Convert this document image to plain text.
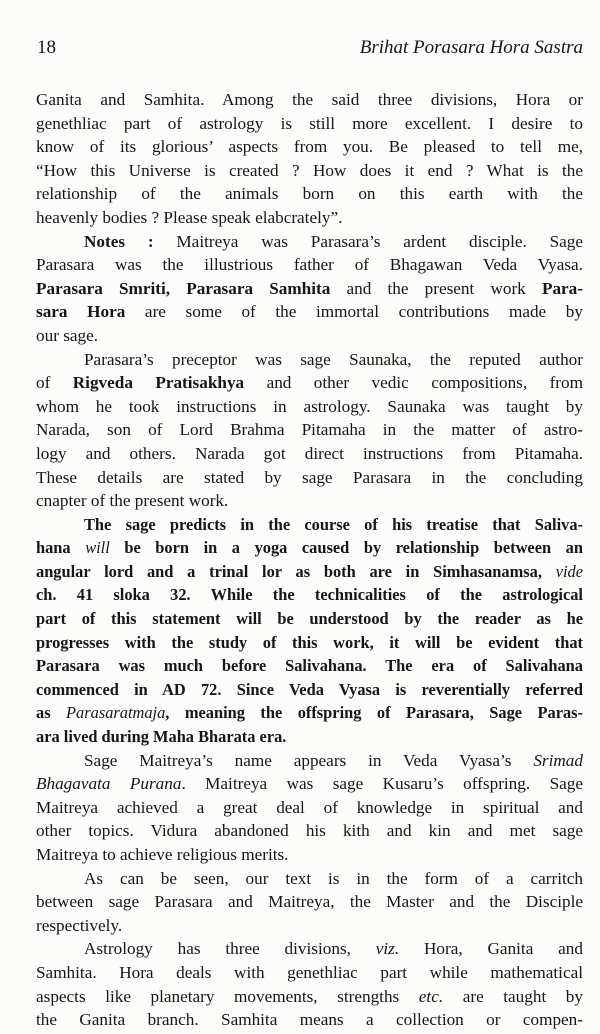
18	Brihat Porasara Hora Sastra
Ganita and Samhita. Among the said three divisions, Hora or
genethliac part of astrology is still more excellent. I desire to
know of its glorious’ aspects from you. Be pleased to tell me,
“How this Universe is created ? How does it end ? What is the
relationship of the animals born on this earth with the
heavenly bodies ? Please speak elabcrately”.
Notes : Maitreya was Parasara’s ardent disciple. Sage
Parasara was the illustrious father of Bhagawan Veda Vyasa.
Parasara Smriti, Parasara Samhita and the present work Para-
sara Hora are some of the immortal contributions made by
our sage.
Parasara’s preceptor was sage Saunaka, the reputed author
of Rigveda Pratisakhya and other vedic compositions, from
whom he took instructions in astrology. Saunaka was taught by
Narada, son of Lord Brahma Pitamaha in the matter of astro-
logy and others. Narada got direct instructions from Pitamaha.
These details are stated by sage Parasara in the concluding
cnapter of the present work.
The sage predicts in the course of his treatise that Saliva-
hana will be born in a yoga caused by relationship between an
angular lord and a trinal lor as both are in Simhasanamsa, vide
ch. 41 sloka 32. While the technicalities of the astrological
part of this statement will be understood by the reader as he
progresses with the study of this work, it will be evident that
Parasara was much before Salivahana. The era of Salivahana
commenced in AD 72. Since Veda Vyasa is reverentially referred
as Parasaratmaja, meaning the offspring of Parasara, Sage Paras-
ara lived during Maha Bharata era.
Sage Maitreya’s name appears in Veda Vyasa’s Srimad
Bhagavata Purana. Maitreya was sage Kusaru’s offspring. Sage
Maitreya achieved a great deal of knowledge in spiritual and
other topics. Vidura abandoned his kith and kin and met sage
Maitreya to achieve religious merits.
As can be seen, our text is in the form of a carritch
between sage Parasara and Maitreya, the Master and the Disciple
respectively.
Astrology has three divisions, viz. Hora, Ganita and
Samhita. Hora deals with genethliac part while mathematical
aspects like planetary movements, strengths etc. are taught by
the Ganita branch. Samhita means a collection or compen-
